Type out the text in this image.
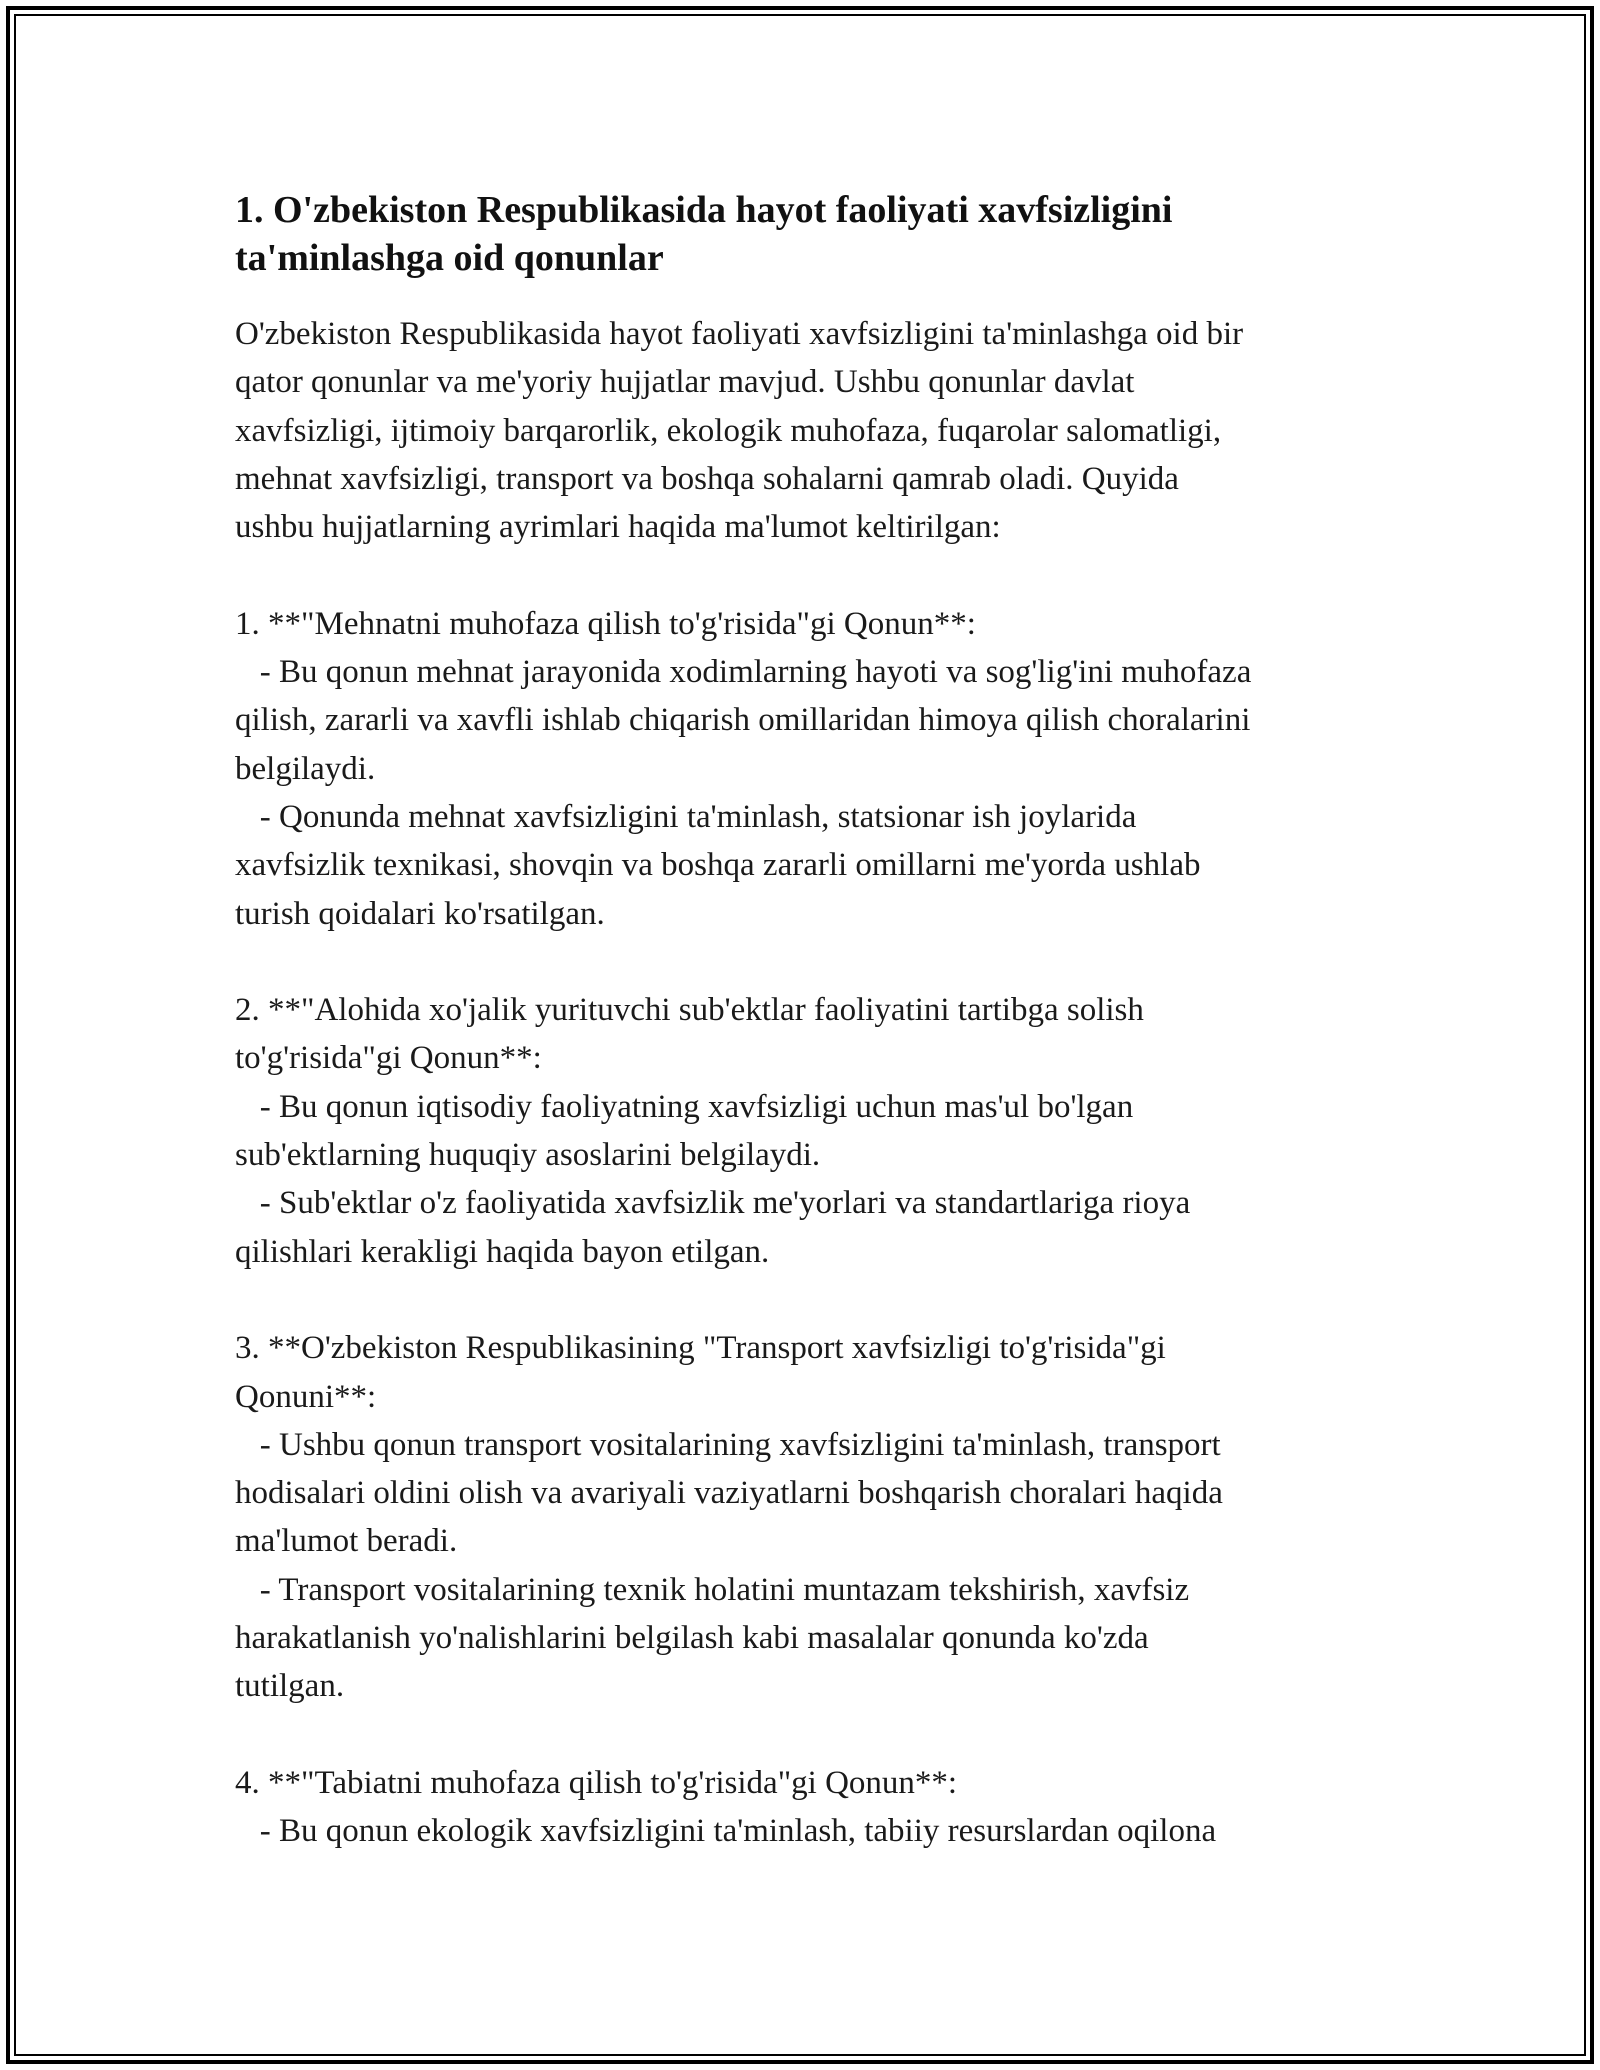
1. O'zbekiston Respublikasida hayot faoliyati xavfsizligini ta'minlashga oid qonunlar

O'zbekiston Respublikasida hayot faoliyati xavfsizligini ta'minlashga oid bir
qator qonunlar va me'yoriy hujjatlar mavjud. Ushbu qonunlar davlat
xavfsizligi, ijtimoiy barqarorlik, ekologik muhofaza, fuqarolar salomatligi,
mehnat xavfsizligi, transport va boshqa sohalarni qamrab oladi. Quyida
ushbu hujjatlarning ayrimlari haqida ma'lumot keltirilgan:

1. **"Mehnatni muhofaza qilish to'g'risida"gi Qonun**:
- Bu qonun mehnat jarayonida xodimlarning hayoti va sog'lig'ini muhofaza
qilish, zararli va xavfli ishlab chiqarish omillaridan himoya qilish choralarini
belgilaydi.
- Qonunda mehnat xavfsizligini ta'minlash, statsionar ish joylarida
xavfsizlik texnikasi, shovqin va boshqa zararli omillarni me'yorda ushlab
turish qoidalari ko'rsatilgan.

2. **"Alohida xo'jalik yurituvchi sub'ektlar faoliyatini tartibga solish
to'g'risida"gi Qonun**:
- Bu qonun iqtisodiy faoliyatning xavfsizligi uchun mas'ul bo'lgan
sub'ektlarning huquqiy asoslarini belgilaydi.
- Sub'ektlar o'z faoliyatida xavfsizlik me'yorlari va standartlariga rioya
qilishlari kerakligi haqida bayon etilgan.

3. **O'zbekiston Respublikasining "Transport xavfsizligi to'g'risida"gi
Qonuni**:
- Ushbu qonun transport vositalarining xavfsizligini ta'minlash, transport
hodisalari oldini olish va avariyali vaziyatlarni boshqarish choralari haqida
ma'lumot beradi.
- Transport vositalarining texnik holatini muntazam tekshirish, xavfsiz
harakatlanish yo'nalishlarini belgilash kabi masalalar qonunda ko'zda
tutilgan.

4. **"Tabiatni muhofaza qilish to'g'risida"gi Qonun**:
- Bu qonun ekologik xavfsizligini ta'minlash, tabiiy resurslardan oqilona
